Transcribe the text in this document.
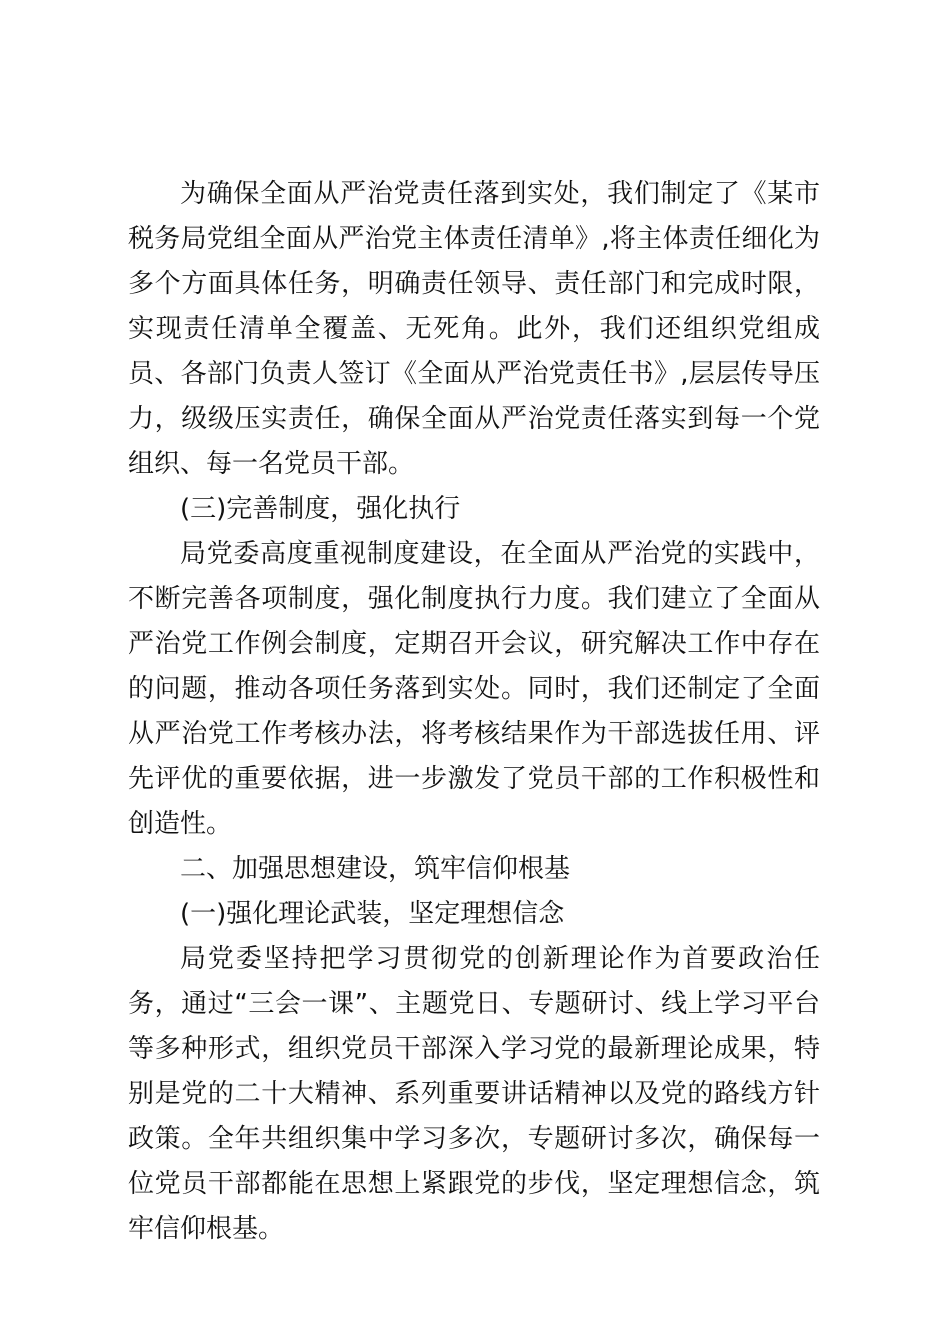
为确保全面从严治党责任落到实处，我们制定了《某市税务局党组全面从严治党主体责任清单》,将主体责任细化为多个方面具体任务，明确责任领导、责任部门和完成时限，实现责任清单全覆盖、无死角。此外，我们还组织党组成员、各部门负责人签订《全面从严治党责任书》,层层传导压力，级级压实责任，确保全面从严治党责任落实到每一个党组织、每一名党员干部。

(三)完善制度，强化执行

局党委高度重视制度建设，在全面从严治党的实践中，不断完善各项制度，强化制度执行力度。我们建立了全面从严治党工作例会制度，定期召开会议，研究解决工作中存在的问题，推动各项任务落到实处。同时，我们还制定了全面从严治党工作考核办法，将考核结果作为干部选拔任用、评先评优的重要依据，进一步激发了党员干部的工作积极性和创造性。

二、加强思想建设，筑牢信仰根基

(一)强化理论武装，坚定理想信念

局党委坚持把学习贯彻党的创新理论作为首要政治任务，通过“三会一课”、主题党日、专题研讨、线上学习平台等多种形式，组织党员干部深入学习党的最新理论成果，特别是党的二十大精神、系列重要讲话精神以及党的路线方针政策。全年共组织集中学习多次，专题研讨多次，确保每一位党员干部都能在思想上紧跟党的步伐，坚定理想信念，筑牢信仰根基。
